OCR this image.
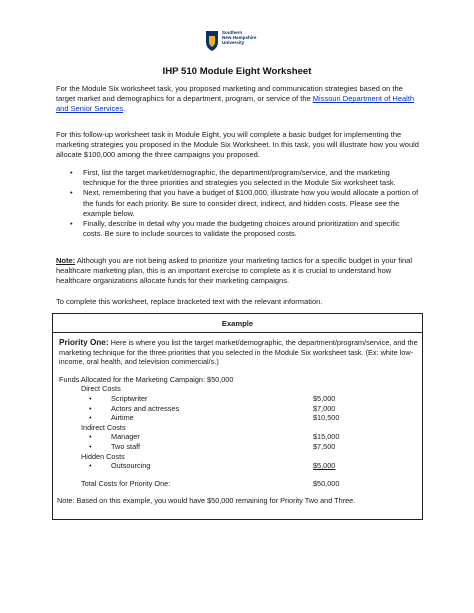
Southern
New Hampshire
University
IHP 510 Module Eight Worksheet
For the Module Six worksheet task, you proposed marketing and communication strategies based on the target market and demographics for a department, program, or service of the Missouri Department of Health and Senior Services.
For this follow-up worksheet task in Module Eight, you will complete a basic budget for implementing the marketing strategies you proposed in the Module Six Worksheet. In this task, you will illustrate how you would allocate $100,000 among the three campaigns you proposed.
• First, list the target market/demographic, the department/program/service, and the marketing technique for the three priorities and strategies you selected in the Module Six worksheet task.
• Next, remembering that you have a budget of $100,000, illustrate how you would allocate a portion of the funds for each priority. Be sure to consider direct, indirect, and hidden costs. Please see the example below.
• Finally, describe in detail why you made the budgeting choices around prioritization and specific costs. Be sure to include sources to validate the proposed costs.
Note: Although you are not being asked to prioritize your marketing tactics for a specific budget in your final healthcare marketing plan, this is an important exercise to complete as it is crucial to understand how healthcare organizations allocate funds for their marketing campaigns.
To complete this worksheet, replace bracketed text with the relevant information.
Example
Priority One: Here is where you list the target market/demographic, the department/program/service, and the marketing technique for the three priorities that you selected in the Module Six worksheet task. (Ex: white low-income, oral health, and television commercial/s.)
Funds Allocated for the Marketing Campaign: $50,000
Direct Costs
•	Scriptwriter	$5,000
•	Actors and actresses	$7,000
•	Airtime	$10,500
Indirect Costs
•	Manager	$15,000
•	Two staff	$7,500
Hidden Costs
•	Outsourcing	$5,000
Total Costs for Priority One:	$50,000
Note: Based on this example, you would have $50,000 remaining for Priority Two and Three.
